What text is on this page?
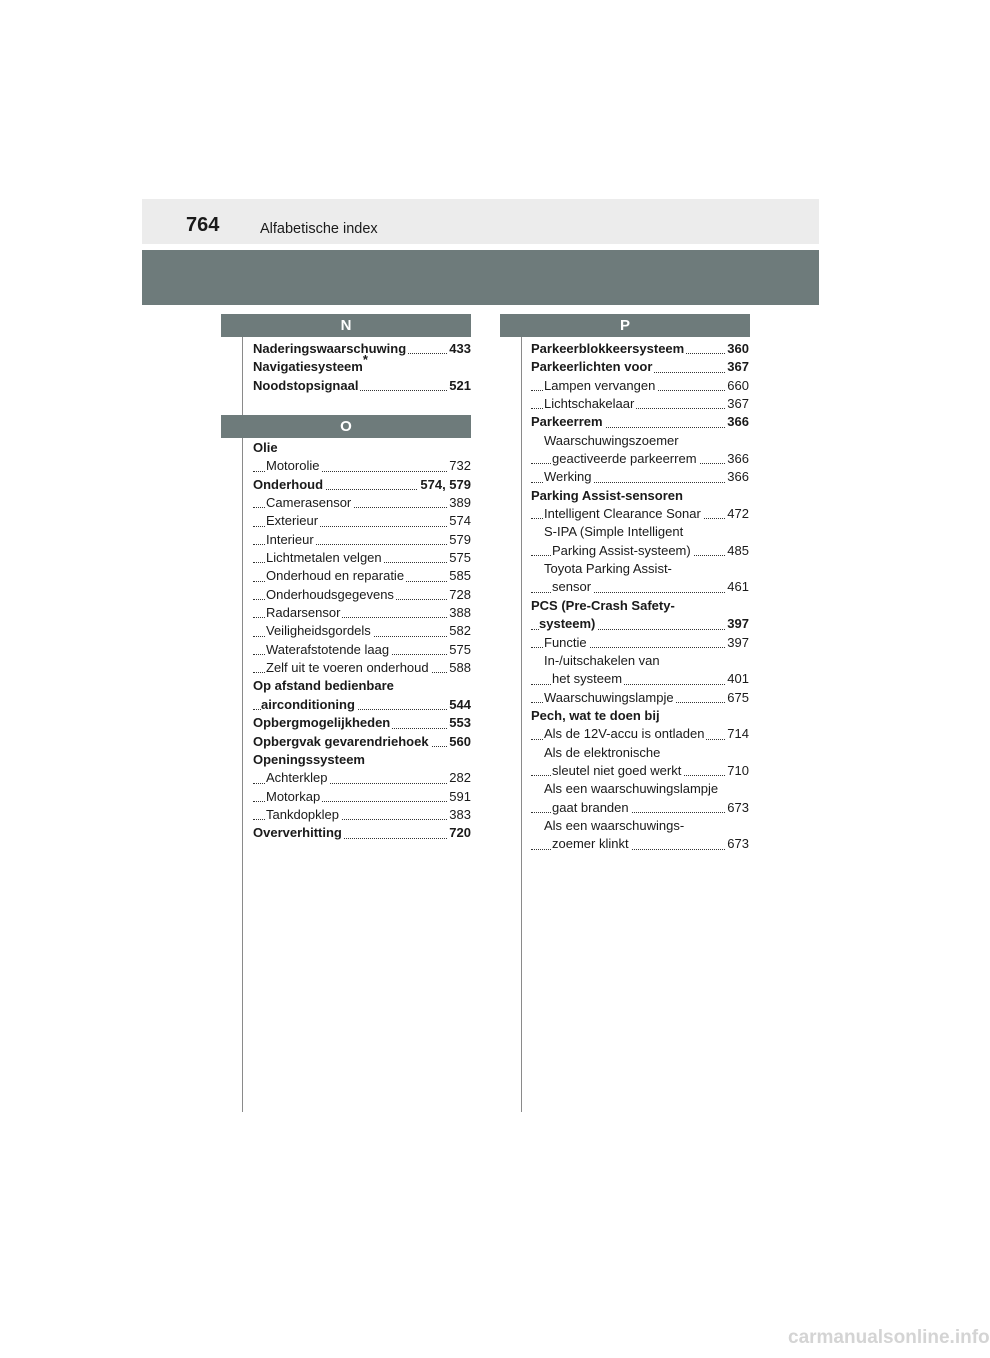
764	Alfabetische index
N
Naderingswaarschuwing	433
Navigatiesysteem*
Noodstopsignaal	521
O
Olie
Motorolie	732
Onderhoud	574, 579
Camerasensor	389
Exterieur	574
Interieur	579
Lichtmetalen velgen	575
Onderhoud en reparatie	585
Onderhoudsgegevens	728
Radarsensor	388
Veiligheidsgordels	582
Waterafstotende laag	575
Zelf uit te voeren onderhoud 588
Op afstand bedienbare
airconditioning	544
Opbergmogelijkheden	553
Opbergvak gevarendriehoek 560
Openingssysteem
Achterklep	282
Motorkap	591
Tankdopklep	383
Oververhitting	720
P
Parkeerblokkeersysteem	360
Parkeerlichten voor	367
Lampen vervangen	660
Lichtschakelaar	367
Parkeerrem	366
Waarschuwingszoemer
geactiveerde parkeerrem 366
Werking	366
Parking Assist-sensoren
Intelligent Clearance Sonar 472
S-IPA (Simple Intelligent
Parking Assist-systeem)	485
Toyota Parking Assist-
sensor	461
PCS (Pre-Crash Safety-
systeem)	397
Functie	397
In-/uitschakelen van
het systeem	401
Waarschuwingslampje	675
Pech, wat te doen bij
Als de 12V-accu is ontladen 714
Als de elektronische
sleutel niet goed werkt	710
Als een waarschuwingslampje
gaat branden	673
Als een waarschuwings-
zoemer klinkt	673
carmanualsonline.info
